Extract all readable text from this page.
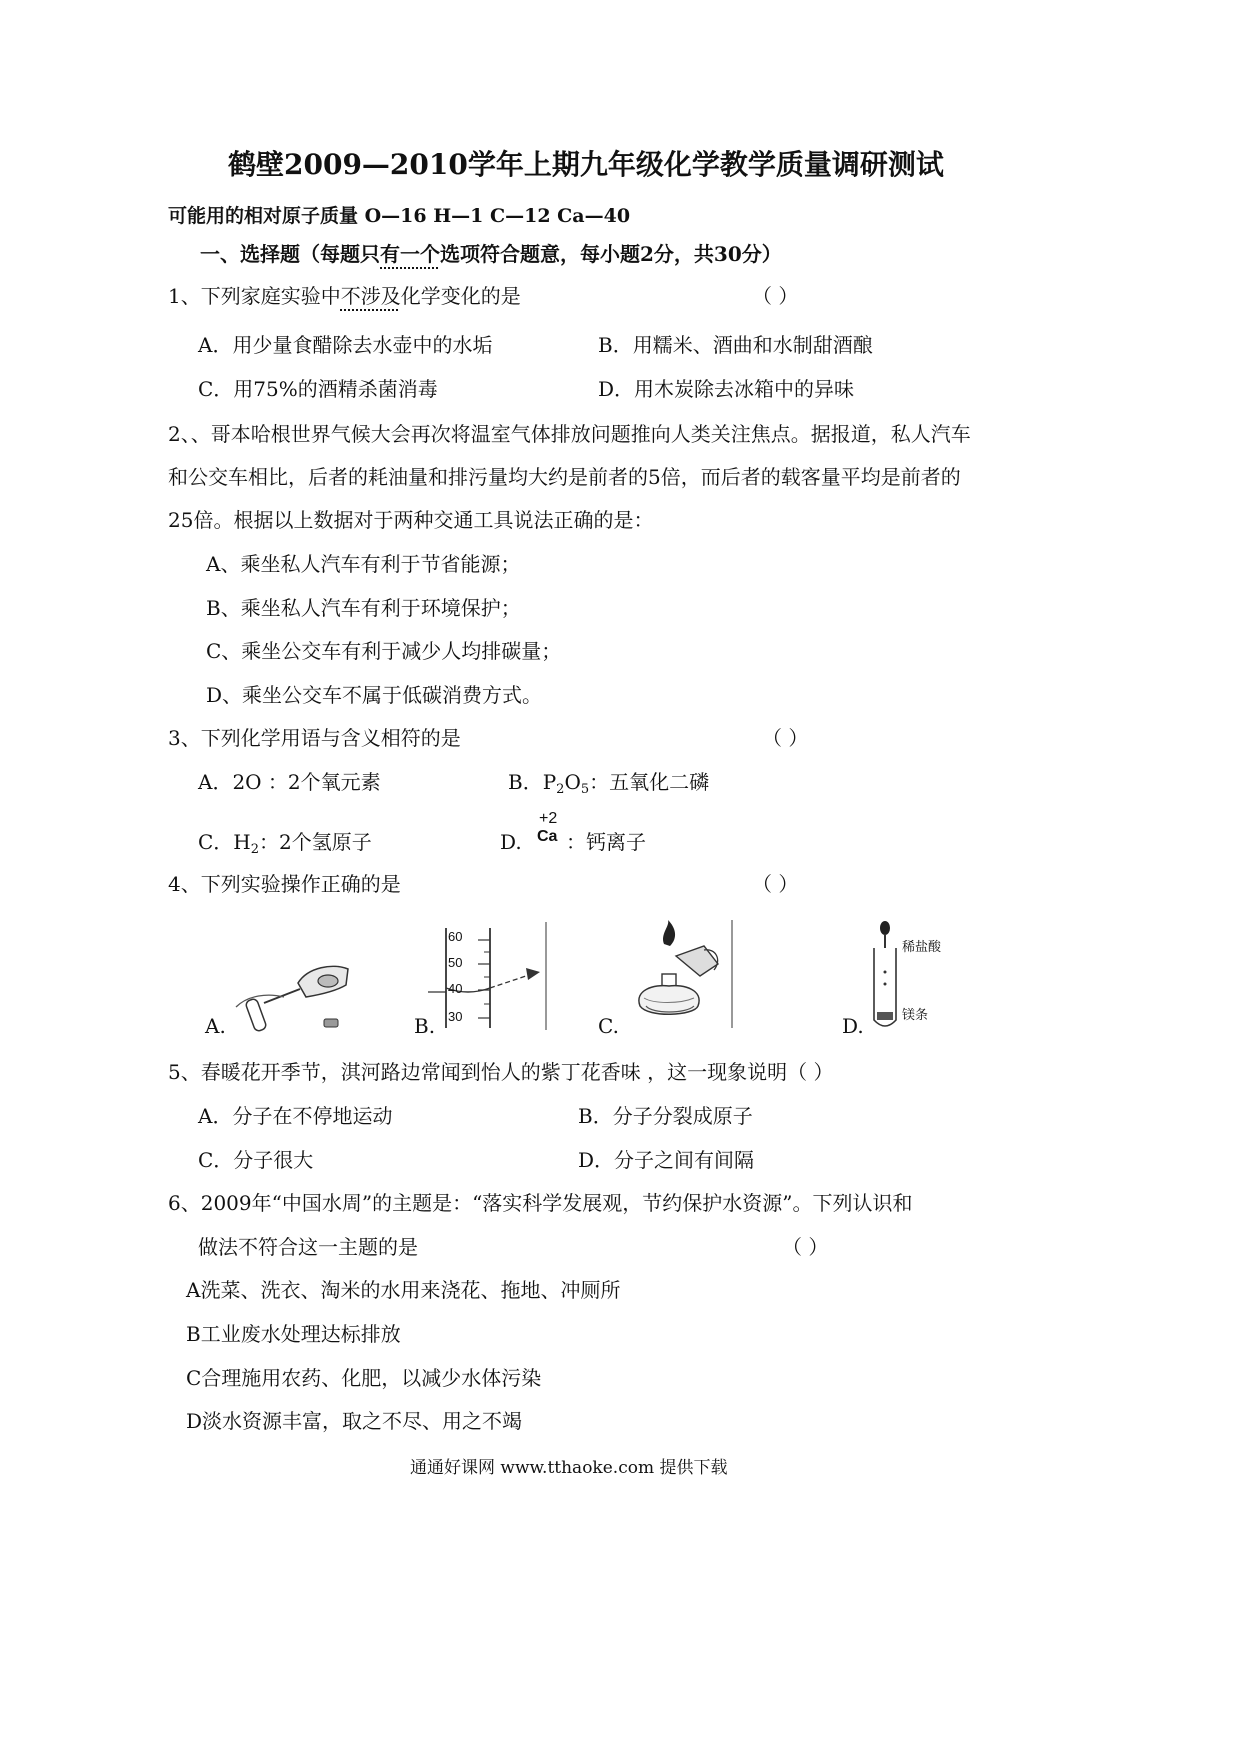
鹤壁2009—2010学年上期九年级化学教学质量调研测试
可能用的相对原子质量 O—16 H—1 C—12 Ca—40
一、选择题（每题只有一个选项符合题意，每小题2分，共30分）
1、下列家庭实验中不涉及化学变化的是	（ ）
A．用少量食醋除去水壶中的水垢	B．用糯米、酒曲和水制甜酒酿
C．用75%的酒精杀菌消毒	D．用木炭除去冰箱中的异味
2、、哥本哈根世界气候大会再次将温室气体排放问题推向人类关注焦点。据报道，私人汽车
和公交车相比，后者的耗油量和排污量均大约是前者的5倍，而后者的载客量平均是前者的
25倍。根据以上数据对于两种交通工具说法正确的是：
A、乘坐私人汽车有利于节省能源；
B、乘坐私人汽车有利于环境保护；
C、乘坐公交车有利于减少人均排碳量；
D、乘坐公交车不属于低碳消费方式。
3、下列化学用语与含义相符的是	（ ）
A．2O ：2个氧元素	B．$P_2O_5$：五氧化二磷
C．$H_2$：2个氢原子	D.
+2
Ca ：钙离子
4、下列实验操作正确的是	（ ）
A.
60
50
40
30
B.	C.
稀盐酸
镁条
D.
5、春暖花开季节，淇河路边常闻到怡人的紫丁花香味 ，这一现象说明（ ）
A．分子在不停地运动	B．分子分裂成原子
C．分子很大	D．分子之间有间隔
6、2009年“中国水周”的主题是：“落实科学发展观，节约保护水资源”。下列认识和
做法不符合这一主题的是	（ ）
A洗菜、洗衣、淘米的水用来浇花、拖地、冲厕所
B工业废水处理达标排放
C合理施用农药、化肥，以减少水体污染
D淡水资源丰富，取之不尽、用之不竭
通通好课网 www.tthaoke.com 提供下载
